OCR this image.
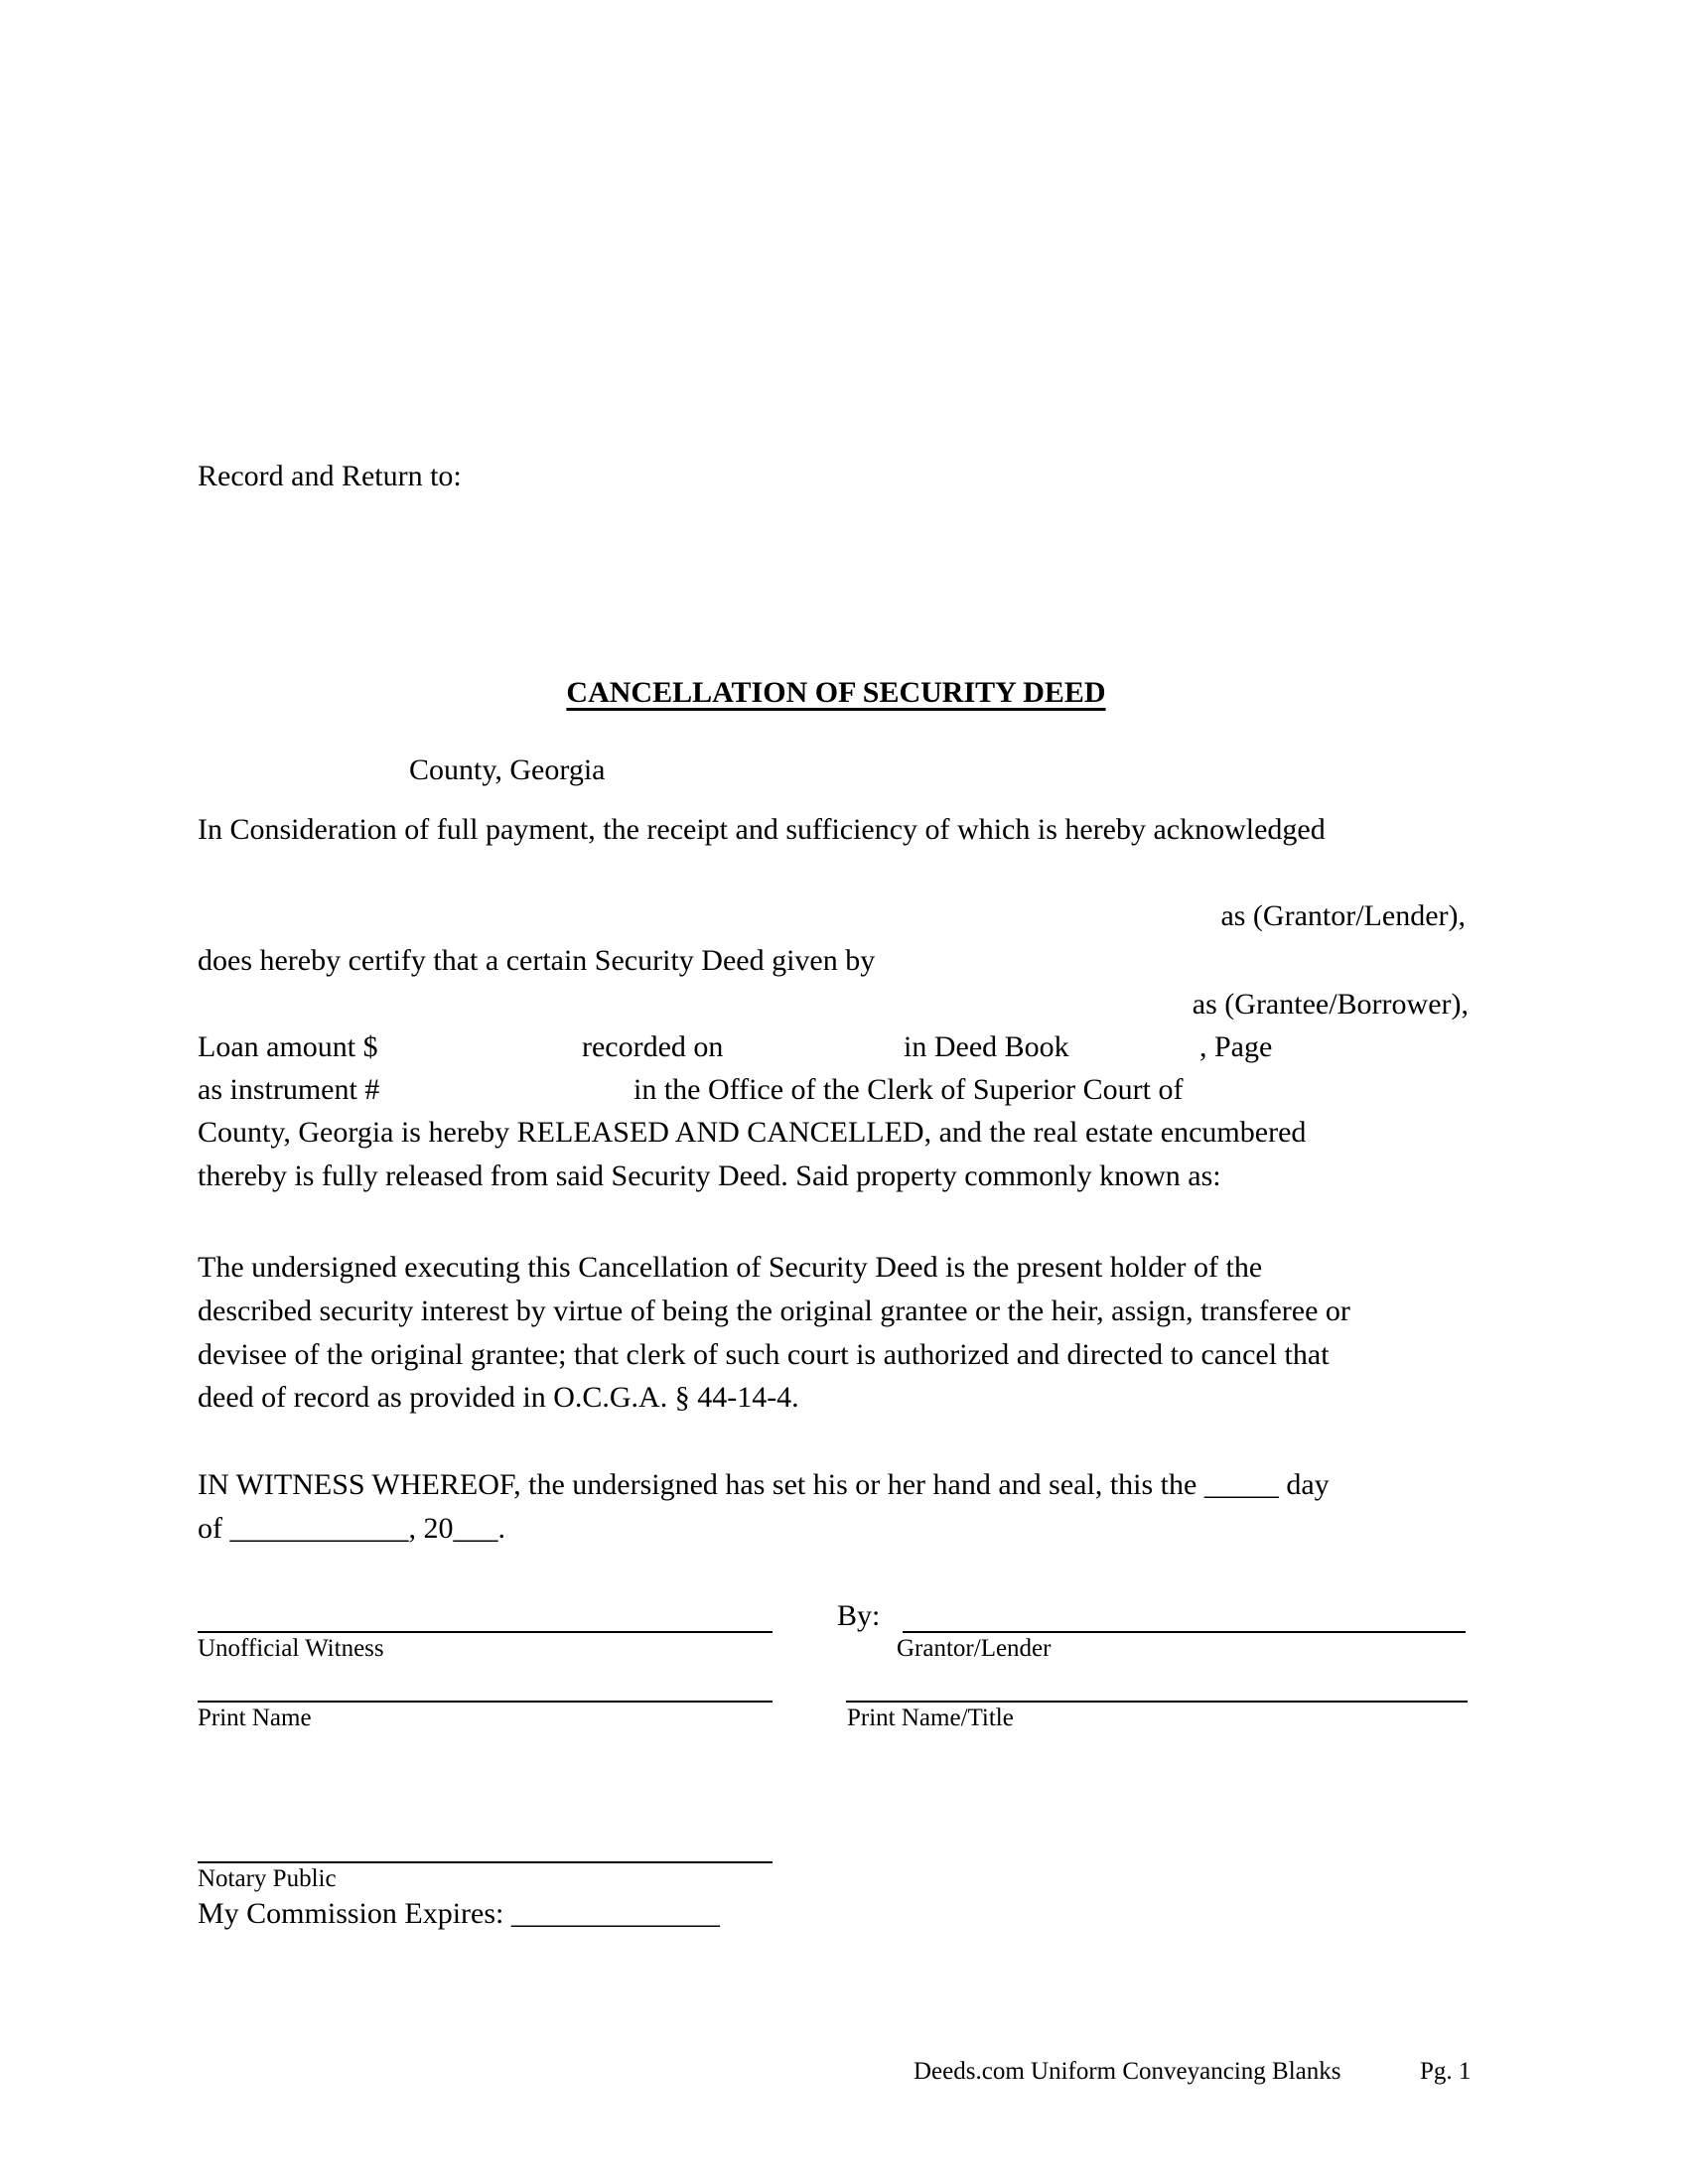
Record and Return to:
CANCELLATION OF SECURITY DEED
County, Georgia
In Consideration of full payment, the receipt and sufficiency of which is hereby acknowledged
as (Grantor/Lender),
does hereby certify that a certain Security Deed given by
as (Grantee/Borrower),
Loan amount $	recorded on	in Deed Book	, Page
as instrument #	in the Office of the Clerk of Superior Court of
County, Georgia is hereby RELEASED AND CANCELLED, and the real estate encumbered
thereby is fully released from said Security Deed. Said property commonly known as:
The undersigned executing this Cancellation of Security Deed is the present holder of the
described security interest by virtue of being the original grantee or the heir, assign, transferee or
devisee of the original grantee; that clerk of such court is authorized and directed to cancel that
deed of record as provided in O.C.G.A. § 44-14-4.
IN WITNESS WHEREOF, the undersigned has set his or her hand and seal, this the _____ day
of ____________, 20___.
By:
Unofficial Witness	Grantor/Lender
Print Name	Print Name/Title
Notary Public
My Commission Expires: ______________
Deeds.com Uniform Conveyancing Blanks	Pg. 1
